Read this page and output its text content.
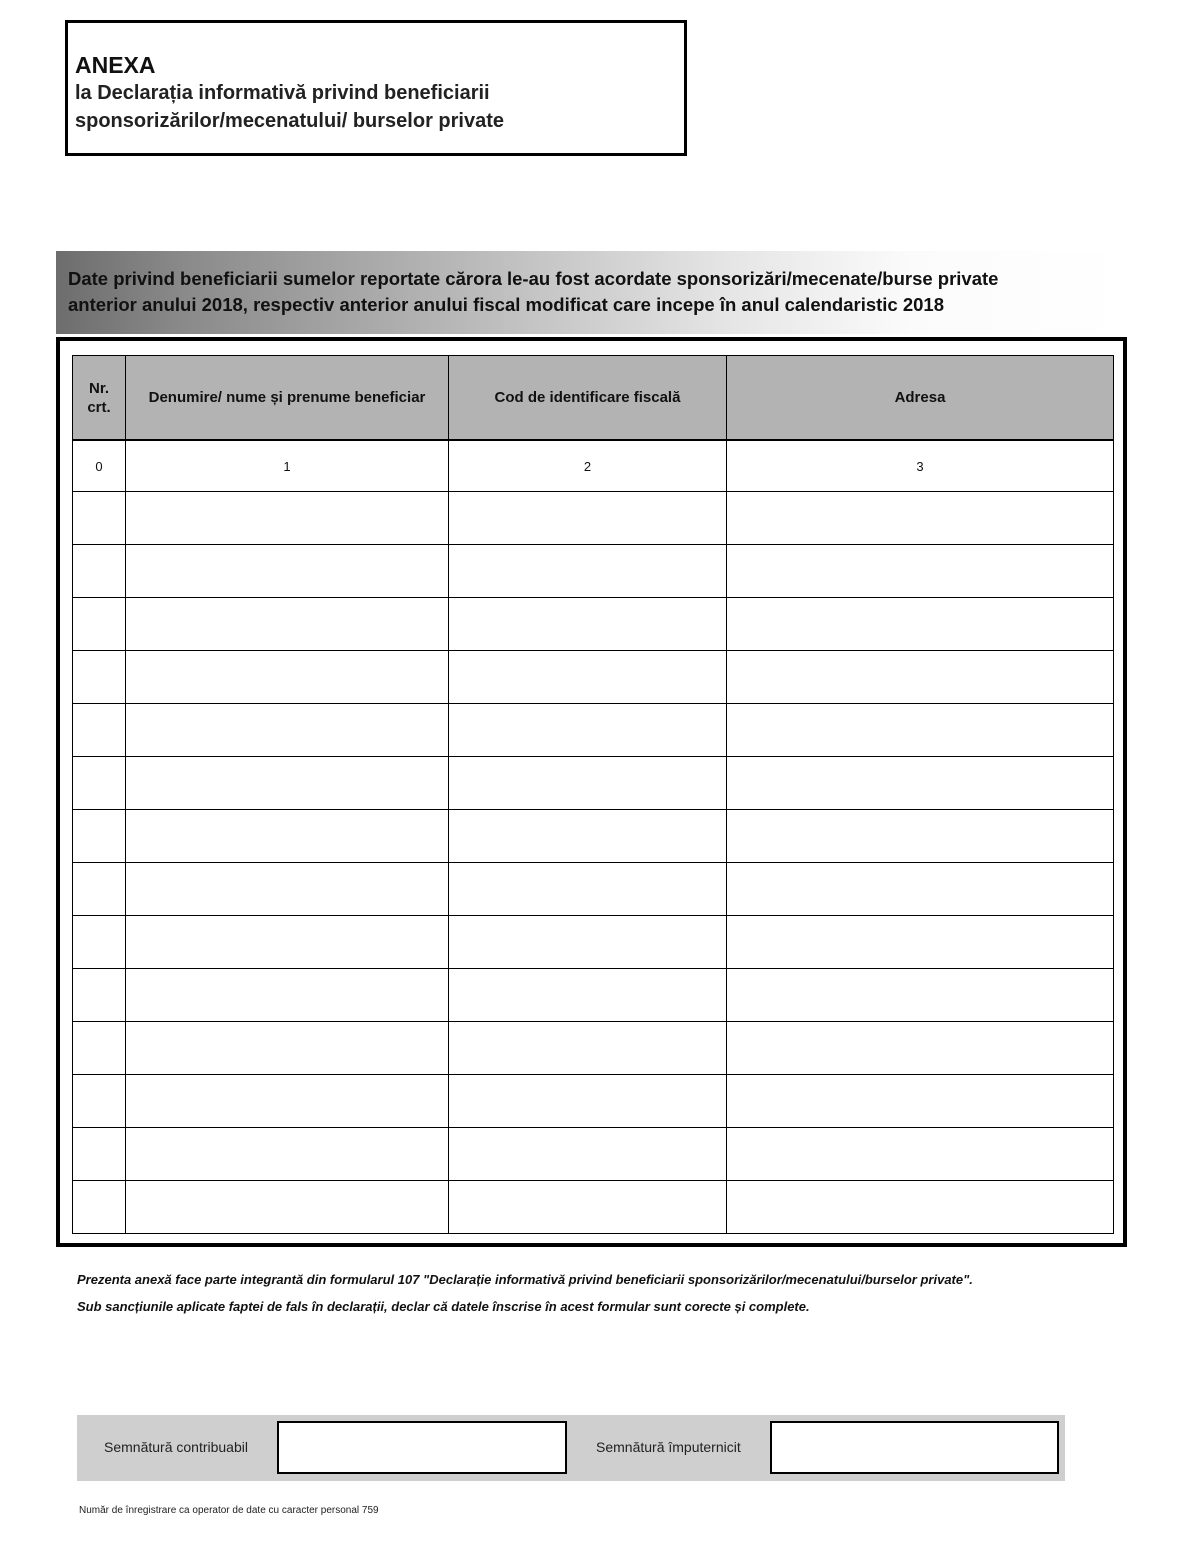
ANEXA
la Declarația informativă privind beneficiarii
sponsorizărilor/mecenatului/ burselor private
Date privind beneficiarii sumelor reportate cărora le-au fost acordate sponsorizări/mecenate/burse private
anterior anului 2018, respectiv anterior anului fiscal modificat care incepe în anul calendaristic 2018
Nr. crt.	Denumire/ nume și prenume beneficiar	Cod de identificare fiscală	Adresa
0	1	2	3

Prezenta anexă face parte integrantă din formularul 107 "Declarație informativă privind beneficiarii sponsorizărilor/mecenatului/burselor private".
Sub sancțiunile aplicate faptei de fals în declarații, declar că datele înscrise în acest formular sunt corecte și complete.
Semnătură contribuabil	Semnătură împuternicit
Număr de înregistrare ca operator de date cu caracter personal 759
